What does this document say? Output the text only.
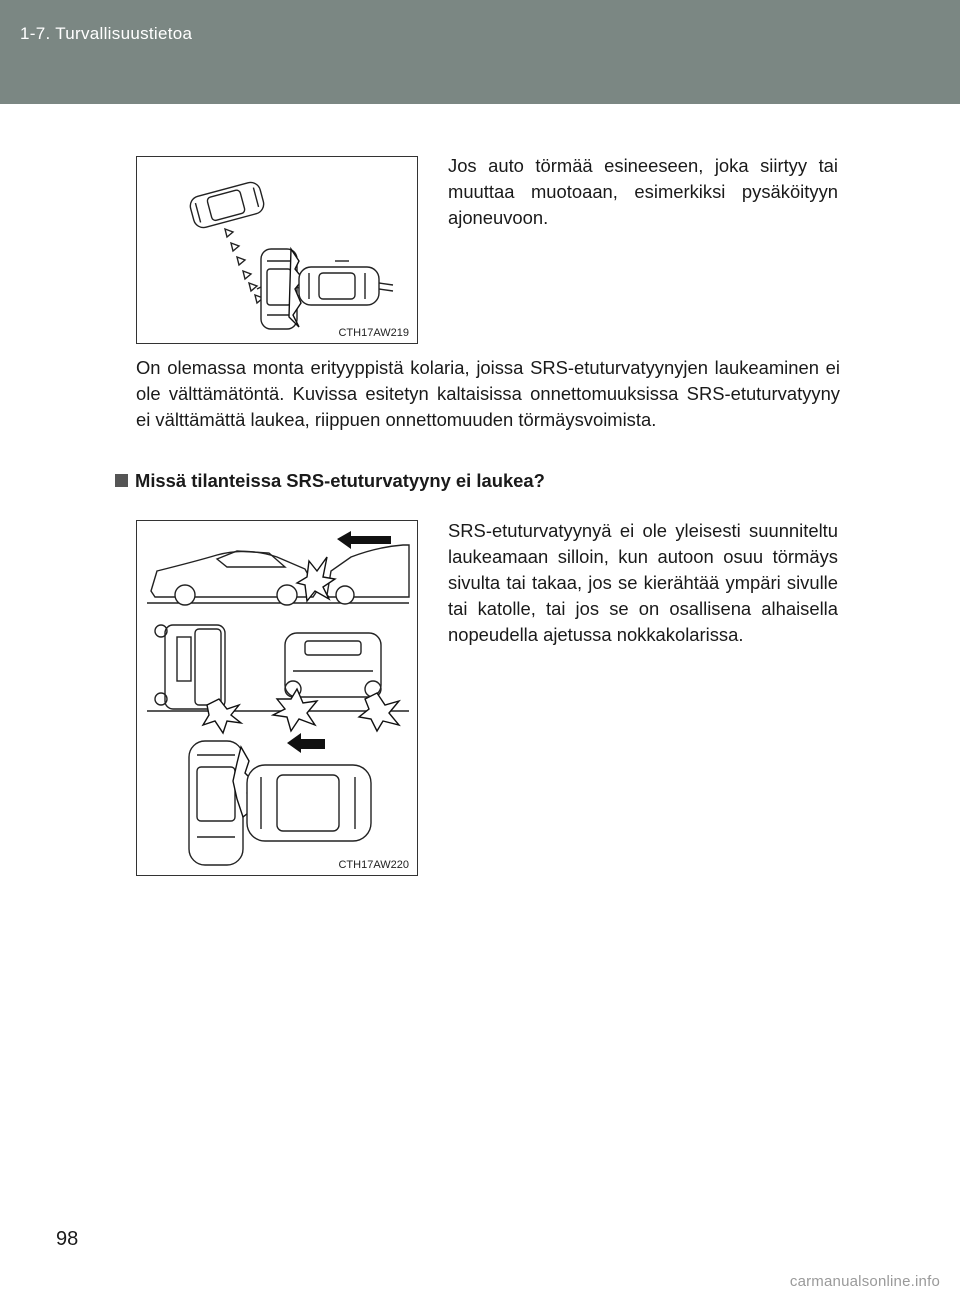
1-7. Turvallisuustietoa
CTH17AW219

Jos auto törmää esineeseen, joka siirtyy tai muuttaa muotoaan, esimerkiksi pysäköityyn ajoneuvoon.

On olemassa monta erityyppistä kolaria, joissa SRS-etuturvatyynyjen laukeaminen ei ole välttämätöntä. Kuvissa esitetyn kaltaisissa onnettomuuksissa SRS-etuturvatyyny ei välttämättä laukea, riippuen onnettomuuden törmäysvoimista.

Missä tilanteissa SRS-etuturvatyyny ei laukea?

CTH17AW220

SRS-etuturvatyynyä ei ole yleisesti suunniteltu laukeamaan silloin, kun autoon osuu törmäys sivulta tai takaa, jos se kierähtää ympäri sivulle tai katolle, tai jos se on osallisena alhaisella nopeudella ajetussa nokkakolarissa.

98
carmanualsonline.info
